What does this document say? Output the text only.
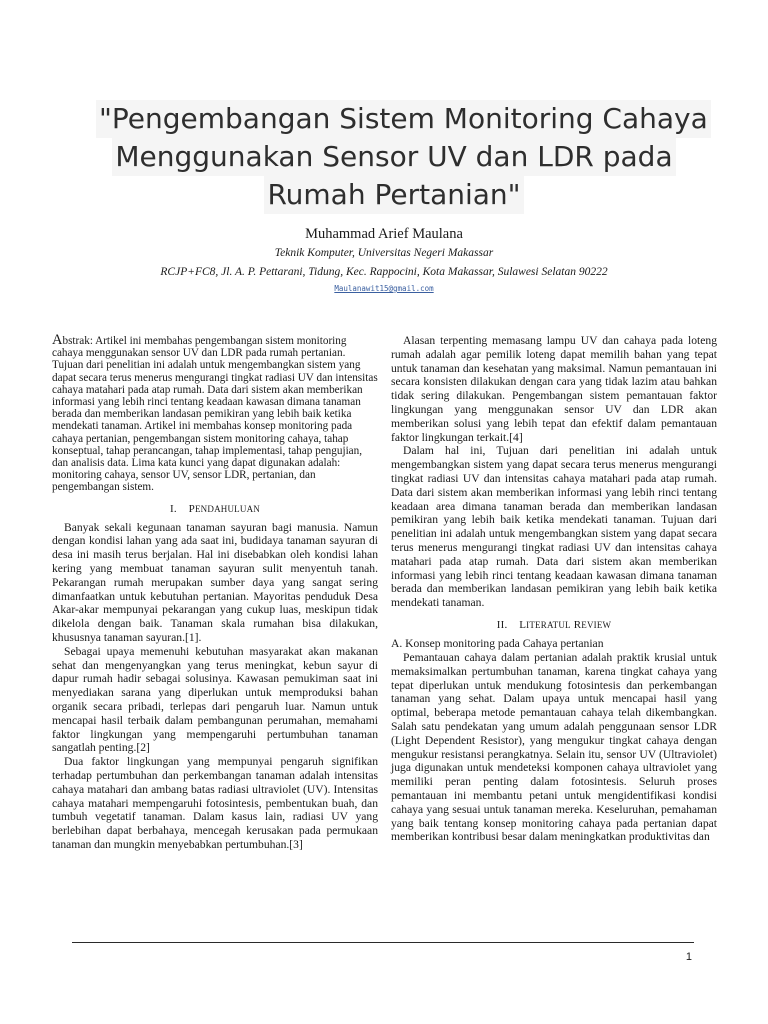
"Pengembangan Sistem Monitoring Cahaya
Menggunakan Sensor UV dan LDR pada
Rumah Pertanian"
Muhammad Arief Maulana
Teknik Komputer, Universitas Negeri Makassar
RCJP+FC8, Jl. A. P. Pettarani, Tidung, Kec. Rappocini, Kota Makassar, Sulawesi Selatan 90222
Maulanawit15@gmail.com

Abstrak: Artikel ini membahas pengembangan sistem monitoring cahaya menggunakan sensor UV dan LDR pada rumah pertanian. Tujuan dari penelitian ini adalah untuk mengembangkan sistem yang dapat secara terus menerus mengurangi tingkat radiasi UV dan intensitas cahaya matahari pada atap rumah. Data dari sistem akan memberikan informasi yang lebih rinci tentang keadaan kawasan dimana tanaman berada dan memberikan landasan pemikiran yang lebih baik ketika mendekati tanaman. Artikel ini membahas konsep monitoring pada cahaya pertanian, pengembangan sistem monitoring cahaya, tahap konseptual, tahap perancangan, tahap implementasi, tahap pengujian, dan analisis data. Lima kata kunci yang dapat digunakan adalah: monitoring cahaya, sensor UV, sensor LDR, pertanian, dan pengembangan sistem.

I. PENDAHULUAN

Banyak sekali kegunaan tanaman sayuran bagi manusia. Namun dengan kondisi lahan yang ada saat ini, budidaya tanaman sayuran di desa ini masih terus berjalan. Hal ini disebabkan oleh kondisi lahan kering yang membuat tanaman sayuran sulit menyentuh tanah. Pekarangan rumah merupakan sumber daya yang sangat sering dimanfaatkan untuk kebutuhan pertanian. Mayoritas penduduk Desa Akar-akar mempunyai pekarangan yang cukup luas, meskipun tidak dikelola dengan baik. Tanaman skala rumahan bisa dilakukan, khususnya tanaman sayuran.[1].

Sebagai upaya memenuhi kebutuhan masyarakat akan makanan sehat dan mengenyangkan yang terus meningkat, kebun sayur di dapur rumah hadir sebagai solusinya. Kawasan pemukiman saat ini menyediakan sarana yang diperlukan untuk memproduksi bahan organik secara pribadi, terlepas dari pengaruh luar. Namun untuk mencapai hasil terbaik dalam pembangunan perumahan, memahami faktor lingkungan yang mempengaruhi pertumbuhan tanaman sangatlah penting.[2]

Dua faktor lingkungan yang mempunyai pengaruh signifikan terhadap pertumbuhan dan perkembangan tanaman adalah intensitas cahaya matahari dan ambang batas radiasi ultraviolet (UV). Intensitas cahaya matahari mempengaruhi fotosintesis, pembentukan buah, dan tumbuh vegetatif tanaman. Dalam kasus lain, radiasi UV yang berlebihan dapat berbahaya, mencegah kerusakan pada permukaan tanaman dan mungkin menyebabkan pertumbuhan.[3]

Alasan terpenting memasang lampu UV dan cahaya pada loteng rumah adalah agar pemilik loteng dapat memilih bahan yang tepat untuk tanaman dan kesehatan yang maksimal. Namun pemantauan ini secara konsisten dilakukan dengan cara yang tidak lazim atau bahkan tidak sering dilakukan. Pengembangan sistem pemantauan faktor lingkungan yang menggunakan sensor UV dan LDR akan memberikan solusi yang lebih tepat dan efektif dalam pemantauan faktor lingkungan terkait.[4]

Dalam hal ini, Tujuan dari penelitian ini adalah untuk mengembangkan sistem yang dapat secara terus menerus mengurangi tingkat radiasi UV dan intensitas cahaya matahari pada atap rumah. Data dari sistem akan memberikan informasi yang lebih rinci tentang keadaan area dimana tanaman berada dan memberikan landasan pemikiran yang lebih baik ketika mendekati tanaman. Tujuan dari penelitian ini adalah untuk mengembangkan sistem yang dapat secara terus menerus mengurangi tingkat radiasi UV dan intensitas cahaya matahari pada atap rumah. Data dari sistem akan memberikan informasi yang lebih rinci tentang keadaan kawasan dimana tanaman berada dan memberikan landasan pemikiran yang lebih baik ketika mendekati tanaman.

II. LITERATUL REVIEW
A. Konsep monitoring pada Cahaya pertanian

Pemantauan cahaya dalam pertanian adalah praktik krusial untuk memaksimalkan pertumbuhan tanaman, karena tingkat cahaya yang tepat diperlukan untuk mendukung fotosintesis dan perkembangan tanaman yang sehat. Dalam upaya untuk mencapai hasil yang optimal, beberapa metode pemantauan cahaya telah dikembangkan. Salah satu pendekatan yang umum adalah penggunaan sensor LDR (Light Dependent Resistor), yang mengukur tingkat cahaya dengan mengukur resistansi perangkatnya. Selain itu, sensor UV (Ultraviolet) juga digunakan untuk mendeteksi komponen cahaya ultraviolet yang memiliki peran penting dalam fotosintesis. Seluruh proses pemantauan ini membantu petani untuk mengidentifikasi kondisi cahaya yang sesuai untuk tanaman mereka. Keseluruhan, pemahaman yang baik tentang konsep monitoring cahaya pada pertanian dapat memberikan kontribusi besar dalam meningkatkan produktivitas dan

1
